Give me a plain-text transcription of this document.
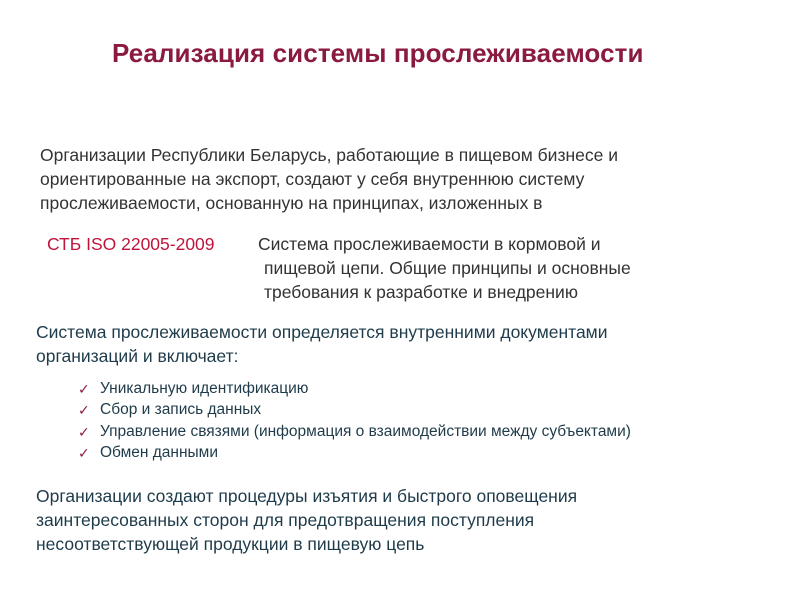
Реализация системы прослеживаемости
Организации Республики Беларусь, работающие в пищевом бизнесе и
ориентированные на экспорт, создают у себя внутреннюю систему
прослеживаемости, основанную на принципах, изложенных в
СТБ ISO 22005-2009 Система прослеживаемости в кормовой и
пищевой цепи. Общие принципы и основные
требования к разработке и внедрению
Система прослеживаемости определяется внутренними документами
организаций и включает:
✓ Уникальную идентификацию
✓ Сбор и запись данных
✓ Управление связями (информация о взаимодействии между субъектами)
✓ Обмен данными
Организации создают процедуры изъятия и быстрого оповещения
заинтересованных сторон для предотвращения поступления
несоответствующей продукции в пищевую цепь
